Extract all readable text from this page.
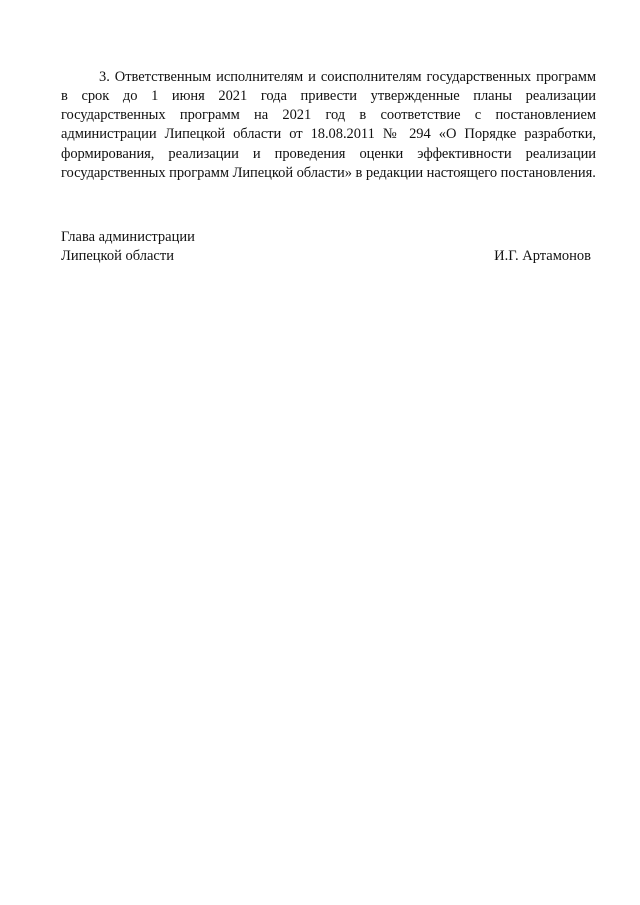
3. Ответственным исполнителям и соисполнителям государственных программ в срок до 1 июня 2021 года привести утвержденные планы реализации государственных программ на 2021 год в соответствие с постановлением администрации Липецкой области от 18.08.2011 № 294 «О Порядке разработки, формирования, реализации и проведения оценки эффективности реализации государственных программ Липецкой области» в редакции настоящего постановления.

Глава администрации
Липецкой области	И.Г. Артамонов
